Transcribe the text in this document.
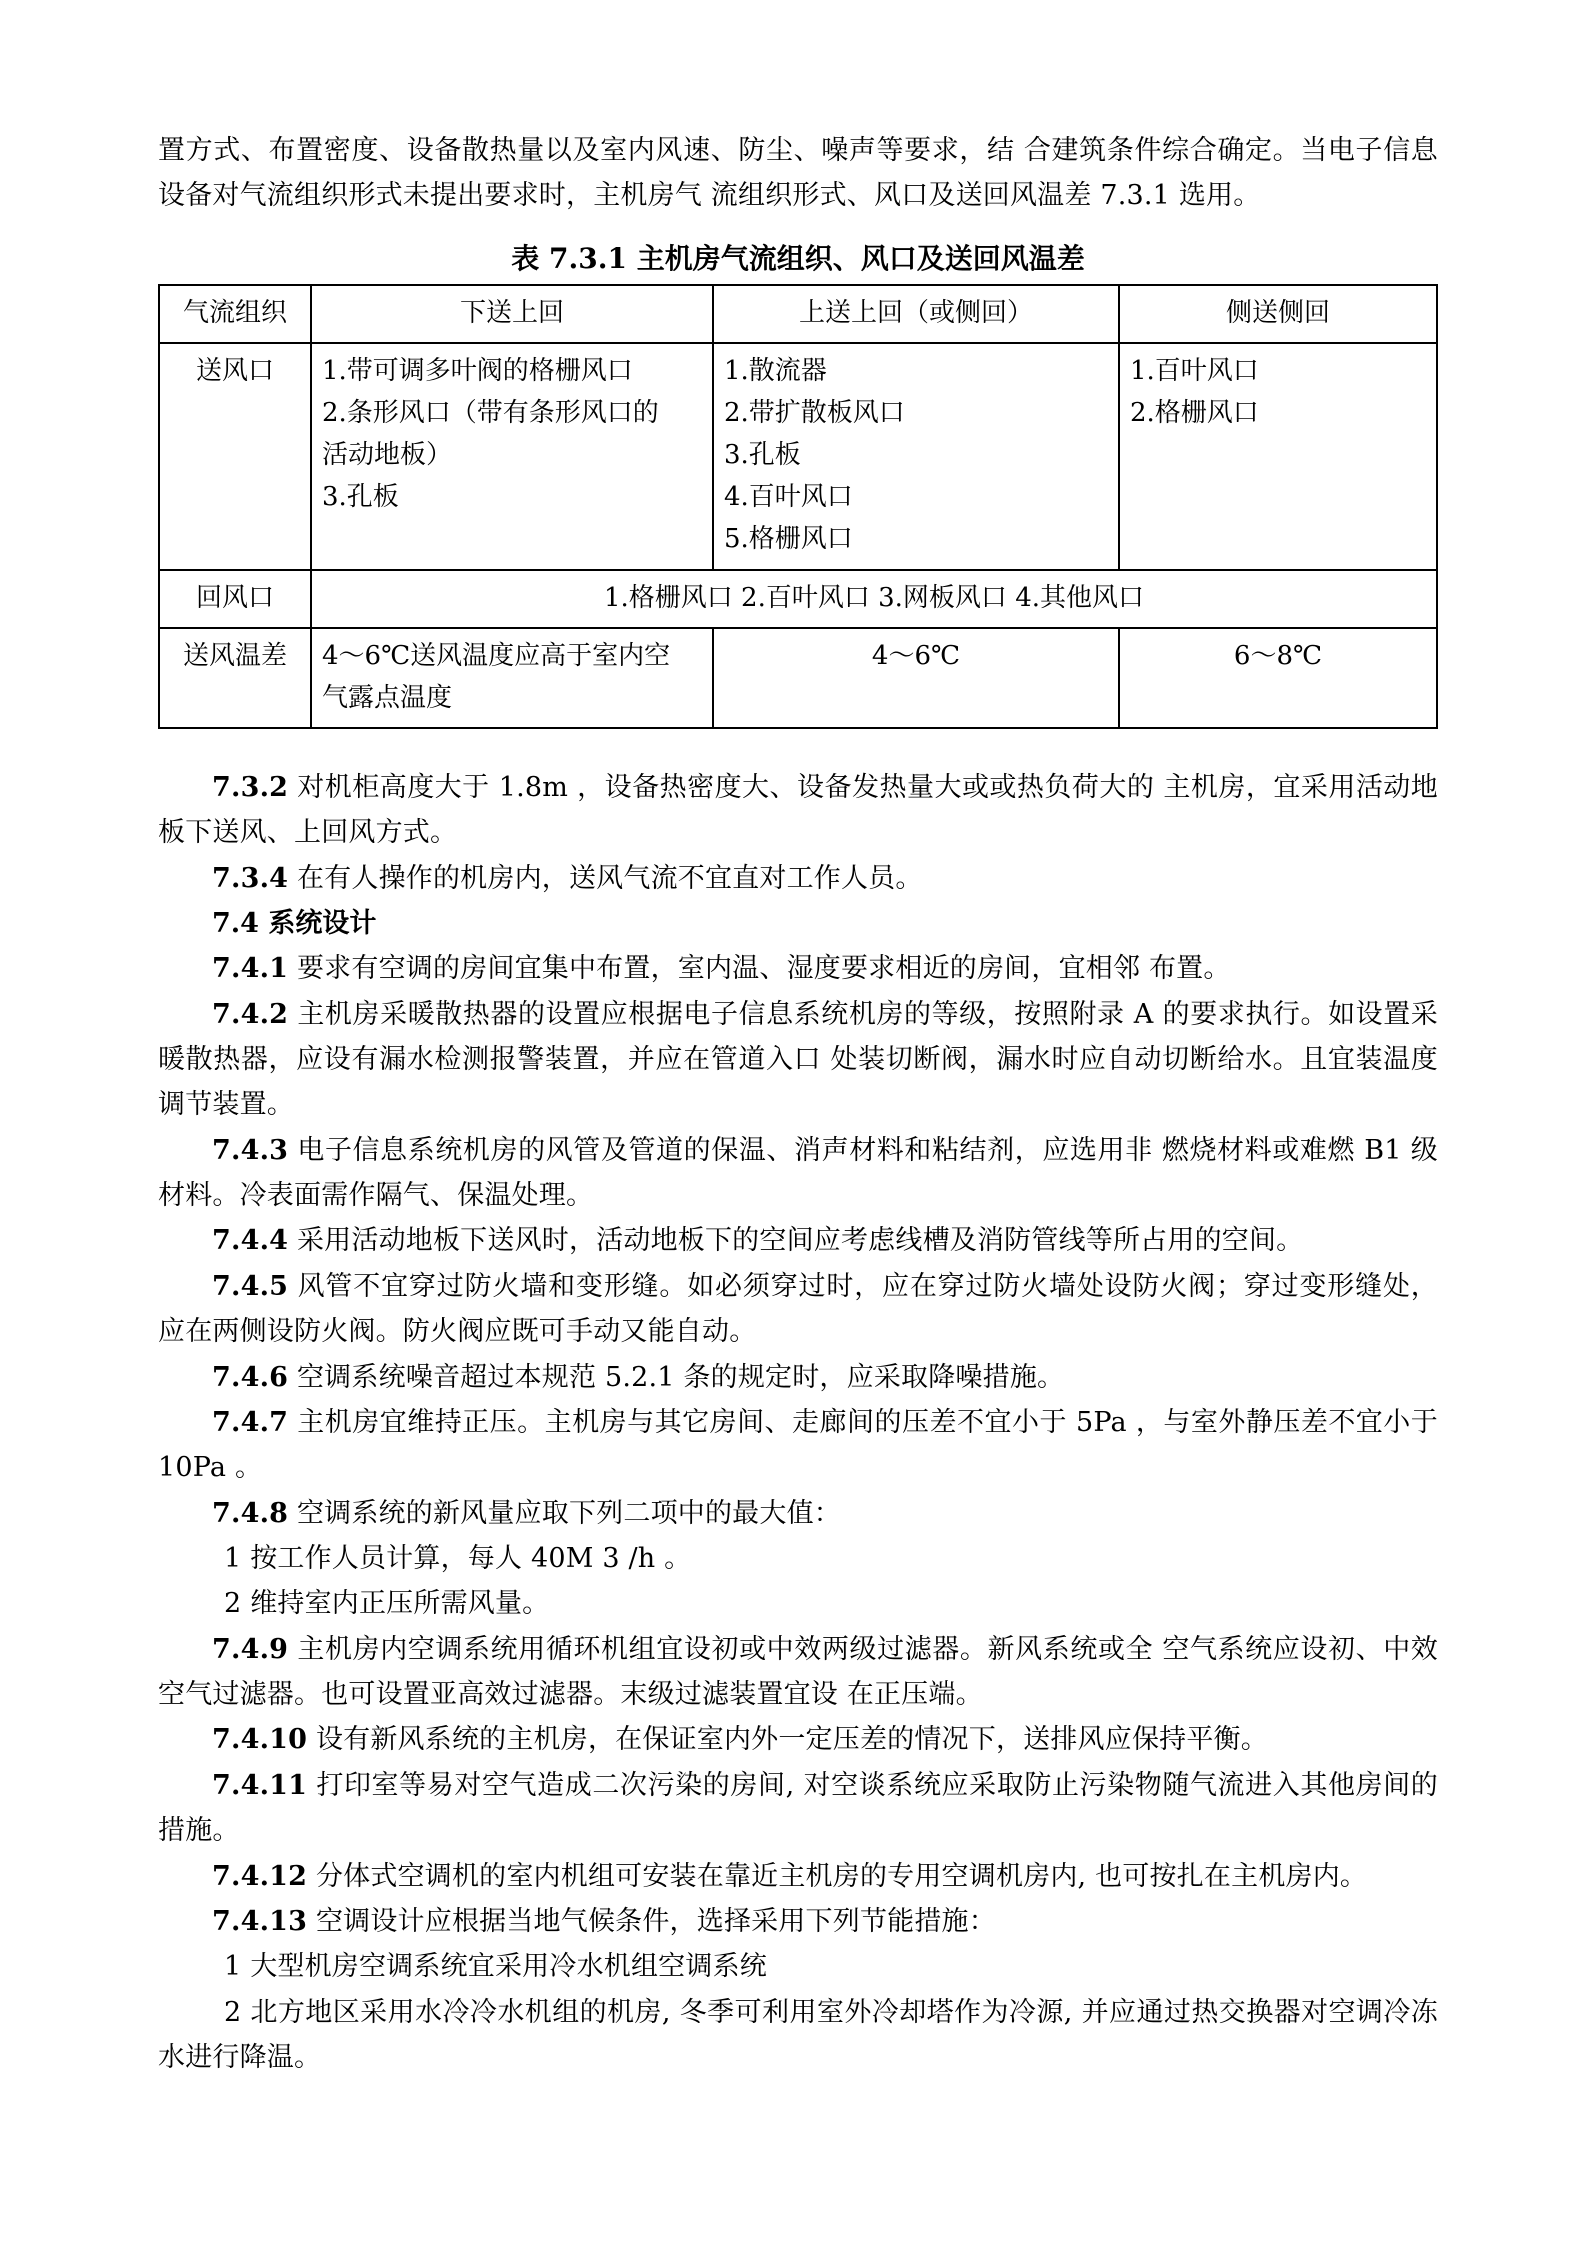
置方式、布置密度、设备散热量以及室内风速、防尘、噪声等要求，结 合建筑条件综合确定。当电子信息设备对气流组织形式未提出要求时，主机房气 流组织形式、风口及送回风温差 7.3.1 选用。

表 7.3.1 主机房气流组织、风口及送回风温差
气流组织	下送上回	上送上回（或侧回）	侧送侧回
送风口	1.带可调多叶阀的格栅风口
2.条形风口（带有条形风口的
活动地板）
3.孔板	1.散流器
2.带扩散板风口
3.孔板
4.百叶风口
5.格栅风口	1.百叶风口
2.格栅风口

回风口	1.格栅风口 2.百叶风口 3.网板风口 4.其他风口		
送风温差	4～6℃送风温度应高于室内空
气露点温度	4～6℃	6～8℃

7.3.2 对机柜高度大于 1.8m ，设备热密度大、设备发热量大或或热负荷大的 主机房，宜采用活动地板下送风、上回风方式。

7.3.4 在有人操作的机房内，送风气流不宜直对工作人员。

7.4 系统设计

7.4.1 要求有空调的房间宜集中布置，室内温、湿度要求相近的房间，宜相邻 布置。

7.4.2 主机房采暖散热器的设置应根据电子信息系统机房的等级，按照附录 A 的要求执行。如设置采暖散热器，应设有漏水检测报警装置，并应在管道入口 处装切断阀，漏水时应自动切断给水。且宜装温度调节装置。

7.4.3 电子信息系统机房的风管及管道的保温、消声材料和粘结剂，应选用非 燃烧材料或难燃 B1 级材料。冷表面需作隔气、保温处理。

7.4.4 采用活动地板下送风时，活动地板下的空间应考虑线槽及消防管线等所占用的空间。

7.4.5 风管不宜穿过防火墙和变形缝。如必须穿过时，应在穿过防火墙处设防火阀；穿过变形缝处，应在两侧设防火阀。防火阀应既可手动又能自动。

7.4.6 空调系统噪音超过本规范 5.2.1 条的规定时，应采取降噪措施。

7.4.7 主机房宜维持正压。主机房与其它房间、走廊间的压差不宜小于 5Pa ，与室外静压差不宜小于 10Pa 。

7.4.8 空调系统的新风量应取下列二项中的最大值：

1 按工作人员计算，每人 40M 3 /h 。

2 维持室内正压所需风量。

7.4.9 主机房内空调系统用循环机组宜设初或中效两级过滤器。新风系统或全 空气系统应设初、中效空气过滤器。也可设置亚高效过滤器。末级过滤装置宜设 在正压端。

7.4.10 设有新风系统的主机房，在保证室内外一定压差的情况下，送排风应保持平衡。

7.4.11 打印室等易对空气造成二次污染的房间, 对空谈系统应采取防止污染物随气流进入其他房间的措施。

7.4.12 分体式空调机的室内机组可安装在靠近主机房的专用空调机房内, 也可按扎在主机房内。

7.4.13 空调设计应根据当地气候条件，选择采用下列节能措施：

1 大型机房空调系统宜采用冷水机组空调系统

2 北方地区采用水冷冷水机组的机房, 冬季可利用室外冷却塔作为冷源, 并应通过热交换器对空调冷冻水进行降温。
